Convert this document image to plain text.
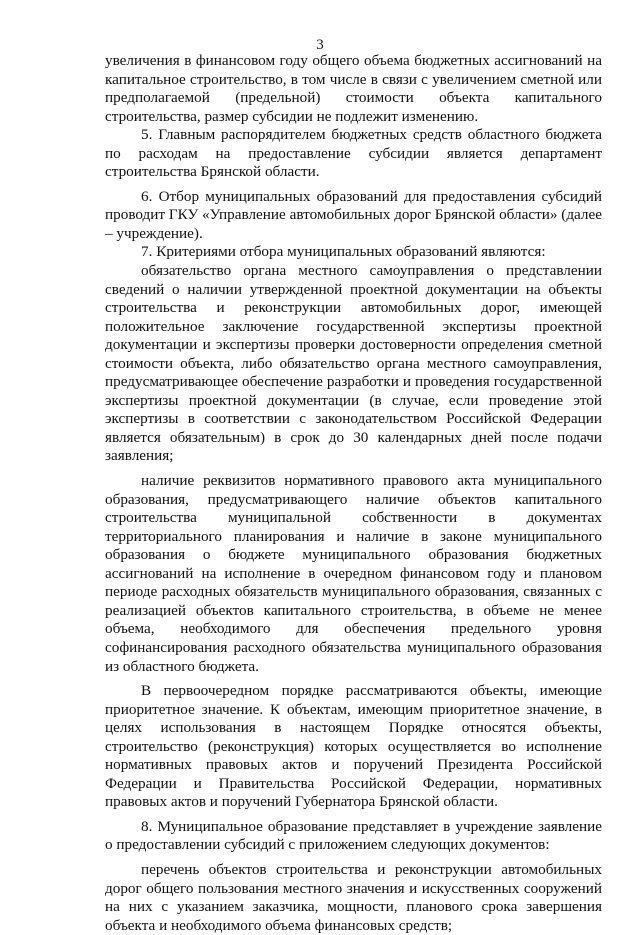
3

увеличения в финансовом году общего объема бюджетных ассигнований на капитальное строительство, в том числе в связи с увеличением сметной или предполагаемой (предельной) стоимости объекта капитального строительства, размер субсидии не подлежит изменению.

5. Главным распорядителем бюджетных средств областного бюджета по расходам на предоставление субсидии является департамент строительства Брянской области.

6. Отбор муниципальных образований для предоставления субсидий проводит ГКУ «Управление автомобильных дорог Брянской области» (далее – учреждение).

7. Критериями отбора муниципальных образований являются:

обязательство органа местного самоуправления о представлении сведений о наличии утвержденной проектной документации на объекты строительства и реконструкции автомобильных дорог, имеющей положительное заключение государственной экспертизы проектной документации и экспертизы проверки достоверности определения сметной стоимости объекта, либо обязательство органа местного самоуправления, предусматривающее обеспечение разработки и проведения государственной экспертизы проектной документации (в случае, если проведение этой экспертизы в соответствии с законодательством Российской Федерации является обязательным) в срок до 30 календарных дней после подачи заявления;

наличие реквизитов нормативного правового акта муниципального образования, предусматривающего наличие объектов капитального строительства муниципальной собственности в документах территориального планирования и наличие в законе муниципального образования о бюджете муниципального образования бюджетных ассигнований на исполнение в очередном финансовом году и плановом периоде расходных обязательств муниципального образования, связанных с реализацией объектов капитального строительства, в объеме не менее объема, необходимого для обеспечения предельного уровня софинансирования расходного обязательства муниципального образования из областного бюджета.

В первоочередном порядке рассматриваются объекты, имеющие приоритетное значение. К объектам, имеющим приоритетное значение, в целях использования в настоящем Порядке относятся объекты, строительство (реконструкция) которых осуществляется во исполнение нормативных правовых актов и поручений Президента Российской Федерации и Правительства Российской Федерации, нормативных правовых актов и поручений Губернатора Брянской области.

8. Муниципальное образование представляет в учреждение заявление о предоставлении субсидий с приложением следующих документов:

перечень объектов строительства и реконструкции автомобильных дорог общего пользования местного значения и искусственных сооружений на них с указанием заказчика, мощности, планового срока завершения объекта и необходимого объема финансовых средств;
